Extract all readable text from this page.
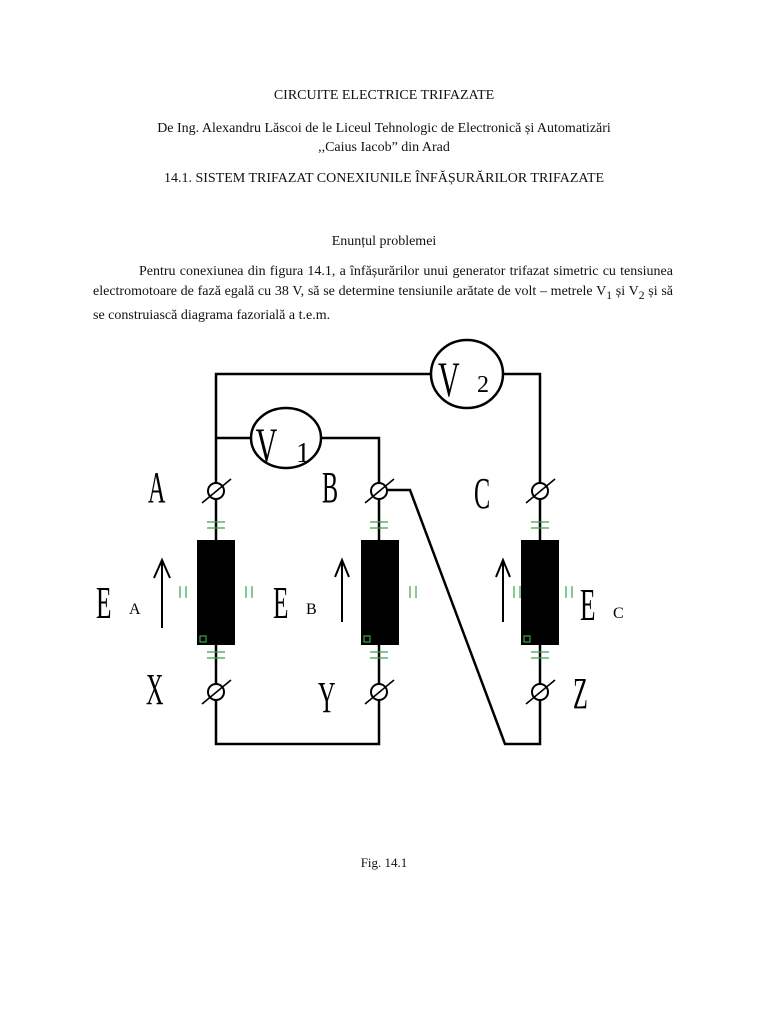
CIRCUITE ELECTRICE TRIFAZATE
De Ing. Alexandru Lăscoi de le Liceul Tehnologic de Electronică și Automatizări
,,Caius Iacob” din Arad
14.1. SISTEM TRIFAZAT CONEXIUNILE ÎNFĂȘURĂRILOR TRIFAZATE
Enunțul problemei
Pentru conexiunea din figura 14.1, a înfășurărilor unui generator trifazat simetric cu tensiunea electromotoare de fază egală cu 38 V, să se determine tensiunile arătate de volt – metrele $V_1$ și $V_2$ și să se construiască diagrama fazorială a t.e.m.
V 1
V 2
A	B	C
X	Y	Z
E A	E B	E C
Fig. 14.1
